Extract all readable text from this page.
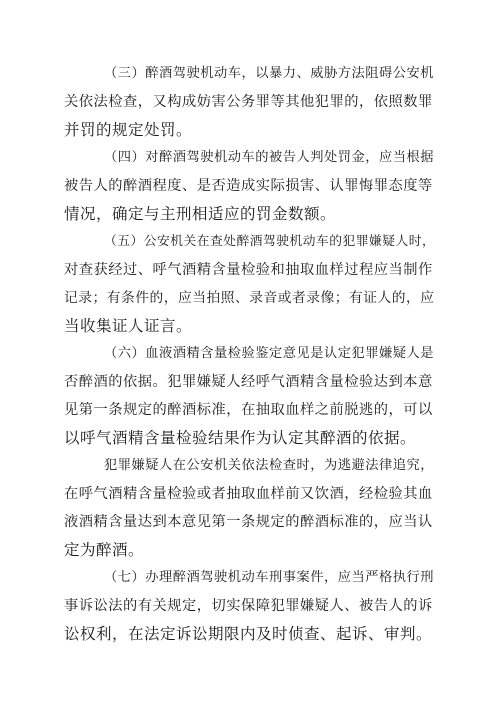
（三）醉酒驾驶机动车，以暴力、威胁方法阻碍公安机
关依法检查，又构成妨害公务罪等其他犯罪的，依照数罪
并罚的规定处罚。
（四）对醉酒驾驶机动车的被告人判处罚金，应当根据
被告人的醉酒程度、是否造成实际损害、认罪悔罪态度等
情况，确定与主刑相适应的罚金数额。
（五）公安机关在查处醉酒驾驶机动车的犯罪嫌疑人时，
对查获经过、呼气酒精含量检验和抽取血样过程应当制作
记录；有条件的，应当拍照、录音或者录像；有证人的，应
当收集证人证言。
（六）血液酒精含量检验鉴定意见是认定犯罪嫌疑人是
否醉酒的依据。犯罪嫌疑人经呼气酒精含量检验达到本意
见第一条规定的醉酒标准，在抽取血样之前脱逃的，可以
以呼气酒精含量检验结果作为认定其醉酒的依据。
犯罪嫌疑人在公安机关依法检查时，为逃避法律追究，
在呼气酒精含量检验或者抽取血样前又饮酒，经检验其血
液酒精含量达到本意见第一条规定的醉酒标准的，应当认
定为醉酒。
（七）办理醉酒驾驶机动车刑事案件，应当严格执行刑
事诉讼法的有关规定，切实保障犯罪嫌疑人、被告人的诉
讼权利，在法定诉讼期限内及时侦查、起诉、审判。
